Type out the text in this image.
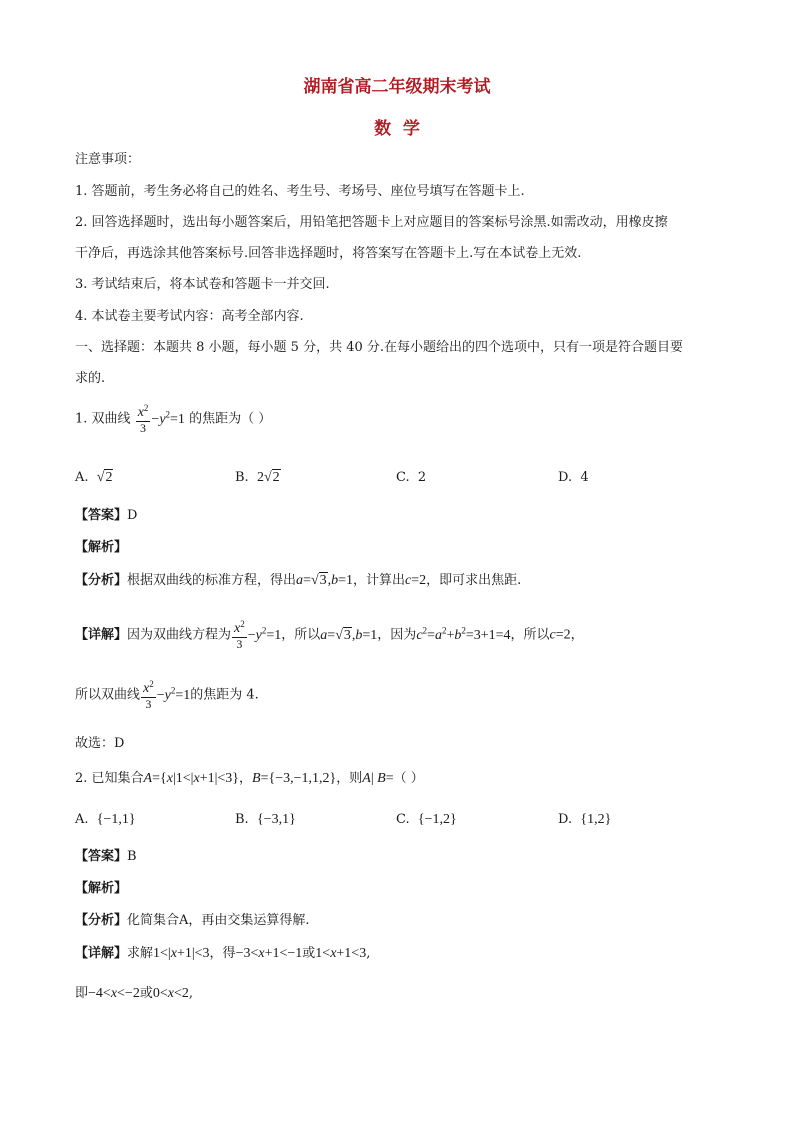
湖南省高二年级期末考试
数  学
注意事项：
1. 答题前，考生务必将自己的姓名、考生号、考场号、座位号填写在答题卡上.
2. 回答选择题时，选出每小题答案后，用铅笔把答题卡上对应题目的答案标号涂黑.如需改动，用橡皮擦
干净后，再选涂其他答案标号.回答非选择题时，将答案写在答题卡上.写在本试卷上无效.
3. 考试结束后，将本试卷和答题卡一并交回.
4. 本试卷主要考试内容：高考全部内容.
一、选择题：本题共 8 小题，每小题 5 分，共 40 分.在每小题给出的四个选项中，只有一项是符合题目要
求的.
1. 双曲线 $\frac{x^2}{3} -y^2=1$ 的焦距为（ ）
A. √2	B. 2√2	C.  2	D.  4
【答案】D
【解析】
【分析】根据双曲线的标准方程，得出a=√3,b=1，计算出c=2，即可求出焦距.
【详解】因为双曲线方程为 $\frac{x^2}{3} -y^2=1$，所以a=√3,b=1，因为$c^2=a^2+b^2=3+1=4$，所以c=2，
所以双曲线 $\frac{x^2}{3} -y^2=1$的焦距为 4.
故选：D
2. 已知集合A={x|1<|x+1|<3}，B={−3,−1,1,2}，则A| B=（ ）
A. {−1,1}	B. {−3,1}	C. {−1,2}	D. {1,2}
【答案】B
【解析】
【分析】化简集合A，再由交集运算得解.
【详解】求解1<|x+1|<3，得−3<x+1<−1或1<x+1<3,
即−4<x<−2或0<x<2,
